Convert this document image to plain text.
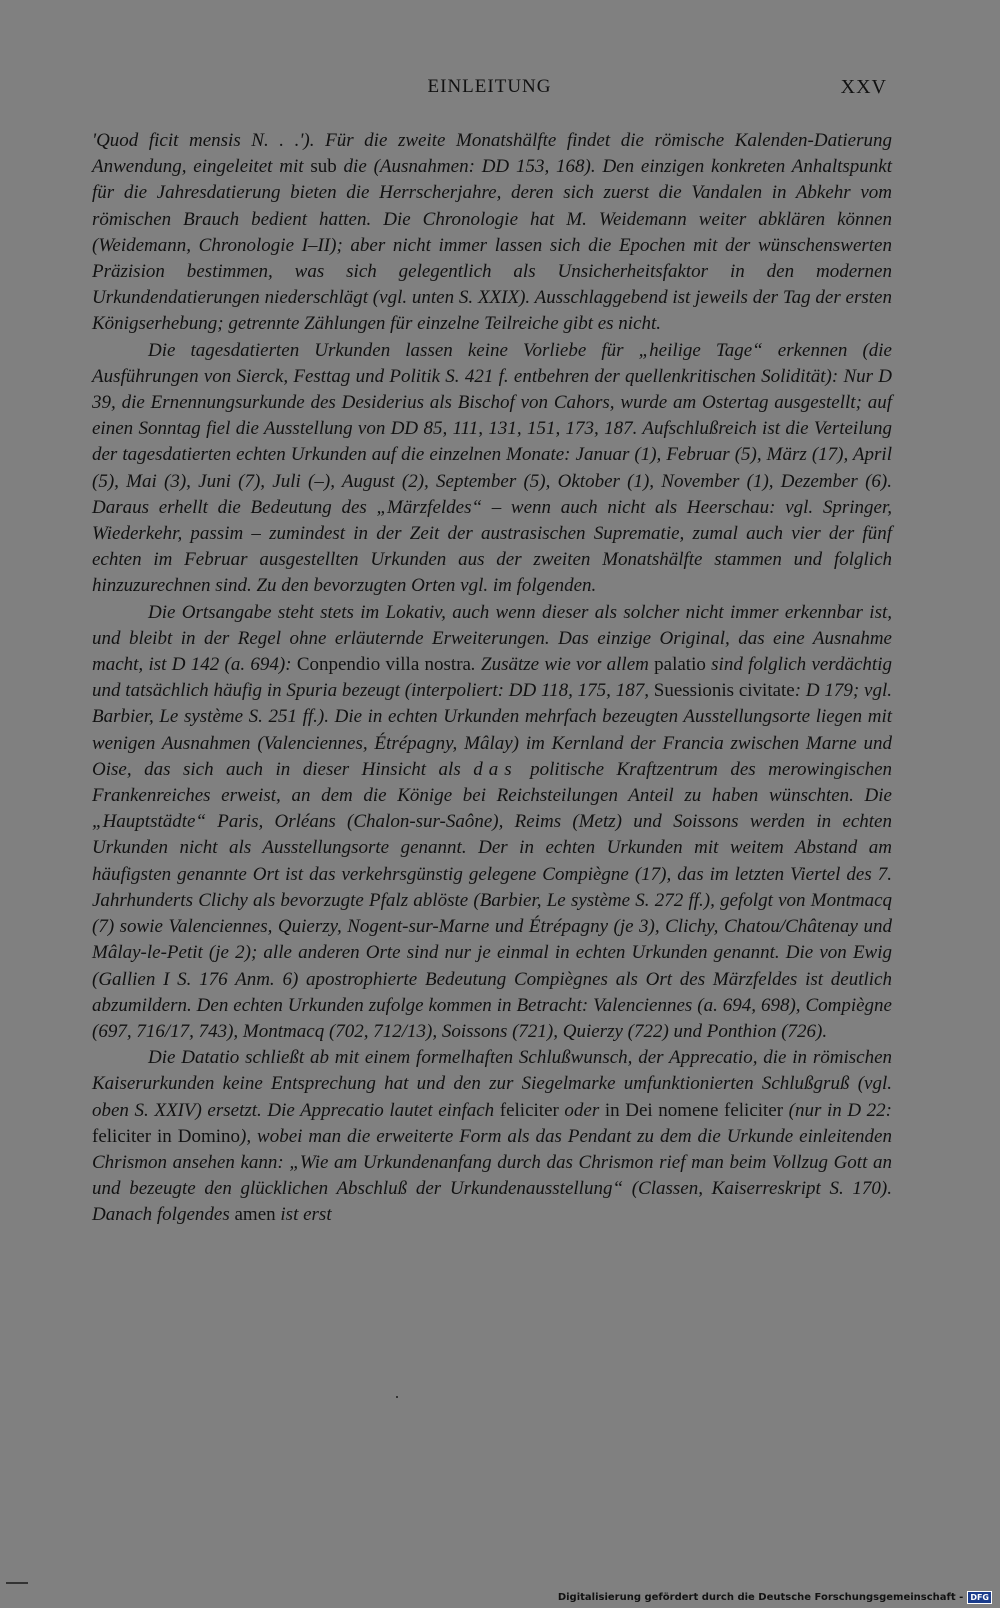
EINLEITUNG	XXV

'Quod ficit mensis N. . .'). Für die zweite Monatshälfte findet die römische Kalenden-Datierung Anwendung, eingeleitet mit sub die (Ausnahmen: DD 153, 168). Den einzigen konkreten Anhaltspunkt für die Jahresdatierung bieten die Herrscherjahre, deren sich zuerst die Vandalen in Abkehr vom römischen Brauch bedient hatten. Die Chronologie hat M. Weidemann weiter abklären können (Weidemann, Chronologie I–II); aber nicht immer lassen sich die Epochen mit der wünschenswerten Präzision bestimmen, was sich gelegentlich als Unsicherheitsfaktor in den modernen Urkundendatierungen niederschlägt (vgl. unten S. XXIX). Ausschlaggebend ist jeweils der Tag der ersten Königserhebung; getrennte Zählungen für einzelne Teilreiche gibt es nicht.

Die tagesdatierten Urkunden lassen keine Vorliebe für „heilige Tage“ erkennen (die Ausführungen von Sierck, Festtag und Politik S. 421 f. entbehren der quellenkritischen Solidität): Nur D 39, die Ernennungsurkunde des Desiderius als Bischof von Cahors, wurde am Ostertag ausgestellt; auf einen Sonntag fiel die Ausstellung von DD 85, 111, 131, 151, 173, 187. Aufschlußreich ist die Verteilung der tagesdatierten echten Urkunden auf die einzelnen Monate: Januar (1), Februar (5), März (17), April (5), Mai (3), Juni (7), Juli (–), August (2), September (5), Oktober (1), November (1), Dezember (6). Daraus erhellt die Bedeutung des „Märzfeldes“ – wenn auch nicht als Heerschau: vgl. Springer, Wiederkehr, passim – zumindest in der Zeit der austrasischen Suprematie, zumal auch vier der fünf echten im Februar ausgestellten Urkunden aus der zweiten Monatshälfte stammen und folglich hinzuzurechnen sind. Zu den bevorzugten Orten vgl. im folgenden.

Die Ortsangabe steht stets im Lokativ, auch wenn dieser als solcher nicht immer erkennbar ist, und bleibt in der Regel ohne erläuternde Erweiterungen. Das einzige Original, das eine Ausnahme macht, ist D 142 (a. 694): Conpendio villa nostra. Zusätze wie vor allem palatio sind folglich verdächtig und tatsächlich häufig in Spuria bezeugt (interpoliert: DD 118, 175, 187, Suessionis civitate: D 179; vgl. Barbier, Le système S. 251 ff.). Die in echten Urkunden mehrfach bezeugten Ausstellungsorte liegen mit wenigen Ausnahmen (Valenciennes, Étrépagny, Mâlay) im Kernland der Francia zwischen Marne und Oise, das sich auch in dieser Hinsicht als das politische Kraftzentrum des merowingischen Frankenreiches erweist, an dem die Könige bei Reichsteilungen Anteil zu haben wünschten. Die „Hauptstädte“ Paris, Orléans (Chalon-sur-Saône), Reims (Metz) und Soissons werden in echten Urkunden nicht als Ausstellungsorte genannt. Der in echten Urkunden mit weitem Abstand am häufigsten genannte Ort ist das verkehrsgünstig gelegene Compiègne (17), das im letzten Viertel des 7. Jahrhunderts Clichy als bevorzugte Pfalz ablöste (Barbier, Le système S. 272 ff.), gefolgt von Montmacq (7) sowie Valenciennes, Quierzy, Nogent-sur-Marne und Étrépagny (je 3), Clichy, Chatou/Châtenay und Mâlay-le-Petit (je 2); alle anderen Orte sind nur je einmal in echten Urkunden genannt. Die von Ewig (Gallien I S. 176 Anm. 6) apostrophierte Bedeutung Compiègnes als Ort des Märzfeldes ist deutlich abzumildern. Den echten Urkunden zufolge kommen in Betracht: Valenciennes (a. 694, 698), Compiègne (697, 716/17, 743), Montmacq (702, 712/13), Soissons (721), Quierzy (722) und Ponthion (726).

Die Datatio schließt ab mit einem formelhaften Schlußwunsch, der Apprecatio, die in römischen Kaiserurkunden keine Entsprechung hat und den zur Siegelmarke umfunktionierten Schlußgruß (vgl. oben S. XXIV) ersetzt. Die Apprecatio lautet einfach feliciter oder in Dei nomene feliciter (nur in D 22: feliciter in Domino), wobei man die erweiterte Form als das Pendant zu dem die Urkunde einleitenden Chrismon ansehen kann: „Wie am Urkundenanfang durch das Chrismon rief man beim Vollzug Gott an und bezeugte den glücklichen Abschluß der Urkundenausstellung“ (Classen, Kaiserreskript S. 170). Danach folgendes amen ist erst

Digitalisierung gefördert durch die Deutsche Forschungsgemeinschaft - DFG
